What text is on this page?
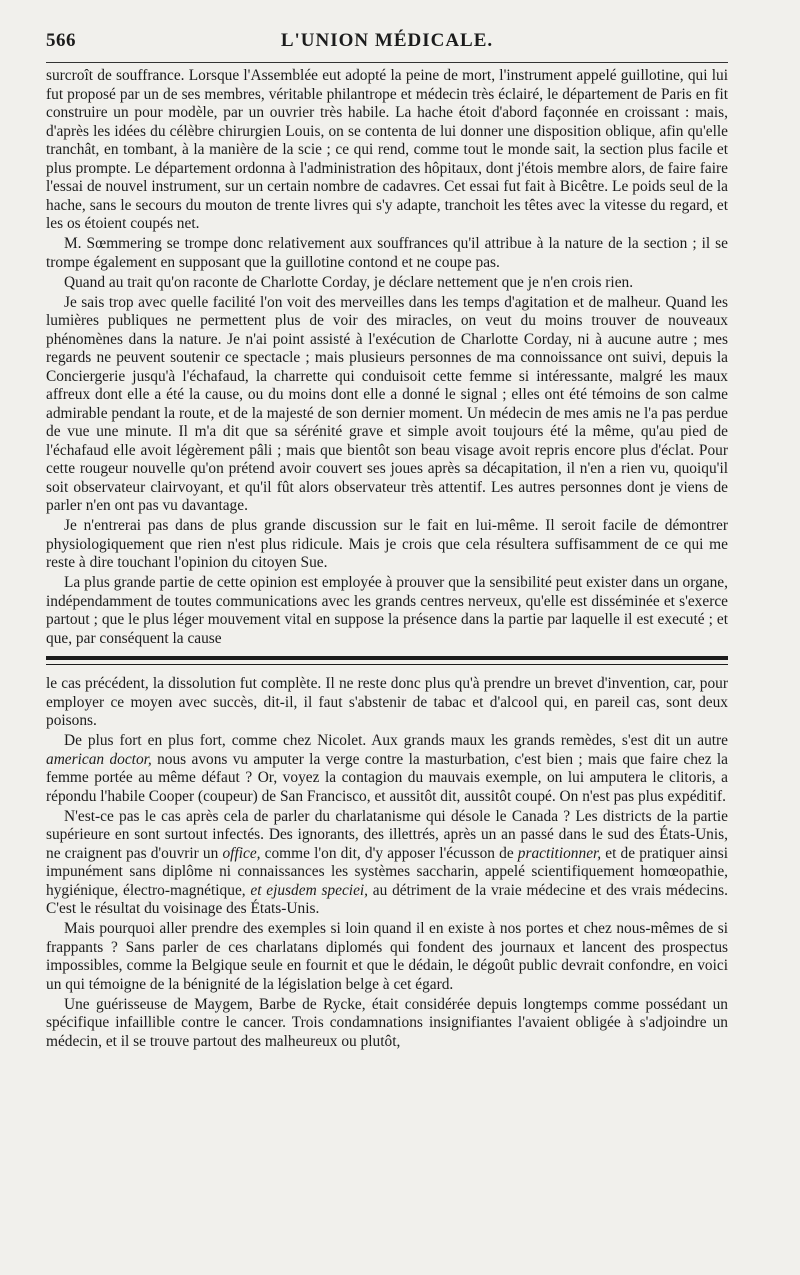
566	L'UNION MÉDICALE.

surcroît de souffrance. Lorsque l'Assemblée eut adopté la peine de mort, l'instrument appelé guillotine, qui lui fut proposé par un de ses membres, véritable philantrope et médecin très éclairé, le département de Paris en fit construire un pour modèle, par un ouvrier très habile. La hache étoit d'abord façonnée en croissant : mais, d'après les idées du célèbre chirurgien Louis, on se contenta de lui donner une disposition oblique, afin qu'elle tranchât, en tombant, à la manière de la scie ; ce qui rend, comme tout le monde sait, la section plus facile et plus prompte. Le département ordonna à l'administration des hôpitaux, dont j'étois membre alors, de faire faire l'essai de nouvel instrument, sur un certain nombre de cadavres. Cet essai fut fait à Bicêtre. Le poids seul de la hache, sans le secours du mouton de trente livres qui s'y adapte, tranchoit les têtes avec la vitesse du regard, et les os étoient coupés net.

M. Sœmmering se trompe donc relativement aux souffrances qu'il attribue à la nature de la section ; il se trompe également en supposant que la guillotine contond et ne coupe pas.

Quand au trait qu'on raconte de Charlotte Corday, je déclare nettement que je n'en crois rien.

Je sais trop avec quelle facilité l'on voit des merveilles dans les temps d'agitation et de malheur. Quand les lumières publiques ne permettent plus de voir des miracles, on veut du moins trouver de nouveaux phénomènes dans la nature. Je n'ai point assisté à l'exécution de Charlotte Corday, ni à aucune autre ; mes regards ne peuvent soutenir ce spectacle ; mais plusieurs personnes de ma connoissance ont suivi, depuis la Conciergerie jusqu'à l'échafaud, la charrette qui conduisoit cette femme si intéressante, malgré les maux affreux dont elle a été la cause, ou du moins dont elle a donné le signal ; elles ont été témoins de son calme admirable pendant la route, et de la majesté de son dernier moment. Un médecin de mes amis ne l'a pas perdue de vue une minute. Il m'a dit que sa sérénité grave et simple avoit toujours été la même, qu'au pied de l'échafaud elle avoit légèrement pâli ; mais que bientôt son beau visage avoit repris encore plus d'éclat. Pour cette rougeur nouvelle qu'on prétend avoir couvert ses joues après sa décapitation, il n'en a rien vu, quoiqu'il soit observateur clairvoyant, et qu'il fût alors observateur très attentif. Les autres personnes dont je viens de parler n'en ont pas vu davantage.

Je n'entrerai pas dans de plus grande discussion sur le fait en lui-même. Il seroit facile de démontrer physiologiquement que rien n'est plus ridicule. Mais je crois que cela résultera suffisamment de ce qui me reste à dire touchant l'opinion du citoyen Sue.

La plus grande partie de cette opinion est employée à prouver que la sensibilité peut exister dans un organe, indépendamment de toutes communications avec les grands centres nerveux, qu'elle est disséminée et s'exerce partout ; que le plus léger mouvement vital en suppose la présence dans la partie par laquelle il est executé ; et que, par conséquent la cause

le cas précédent, la dissolution fut complète. Il ne reste donc plus qu'à prendre un brevet d'invention, car, pour employer ce moyen avec succès, dit-il, il faut s'abstenir de tabac et d'alcool qui, en pareil cas, sont deux poisons.

De plus fort en plus fort, comme chez Nicolet. Aux grands maux les grands remèdes, s'est dit un autre american doctor, nous avons vu amputer la verge contre la masturbation, c'est bien ; mais que faire chez la femme portée au même défaut ? Or, voyez la contagion du mauvais exemple, on lui amputera le clitoris, a répondu l'habile Cooper (coupeur) de San Francisco, et aussitôt dit, aussitôt coupé. On n'est pas plus expéditif.

N'est-ce pas le cas après cela de parler du charlatanisme qui désole le Canada ? Les districts de la partie supérieure en sont surtout infectés. Des ignorants, des illettrés, après un an passé dans le sud des États-Unis, ne craignent pas d'ouvrir un office, comme l'on dit, d'y apposer l'écusson de practitionner, et de pratiquer ainsi impunément sans diplôme ni connaissances les systèmes saccharin, appelé scientifiquement homœopathie, hygiénique, électro-magnétique, et ejusdem speciei, au détriment de la vraie médecine et des vrais médecins. C'est le résultat du voisinage des États-Unis.

Mais pourquoi aller prendre des exemples si loin quand il en existe à nos portes et chez nous-mêmes de si frappants ? Sans parler de ces charlatans diplomés qui fondent des journaux et lancent des prospectus impossibles, comme la Belgique seule en fournit et que le dédain, le dégoût public devrait confondre, en voici un qui témoigne de la bénignité de la législation belge à cet égard.

Une guérisseuse de Maygem, Barbe de Rycke, était considérée depuis longtemps comme possédant un spécifique infaillible contre le cancer. Trois condamnations insignifiantes l'avaient obligée à s'adjoindre un médecin, et il se trouve partout des malheureux ou plutôt,
